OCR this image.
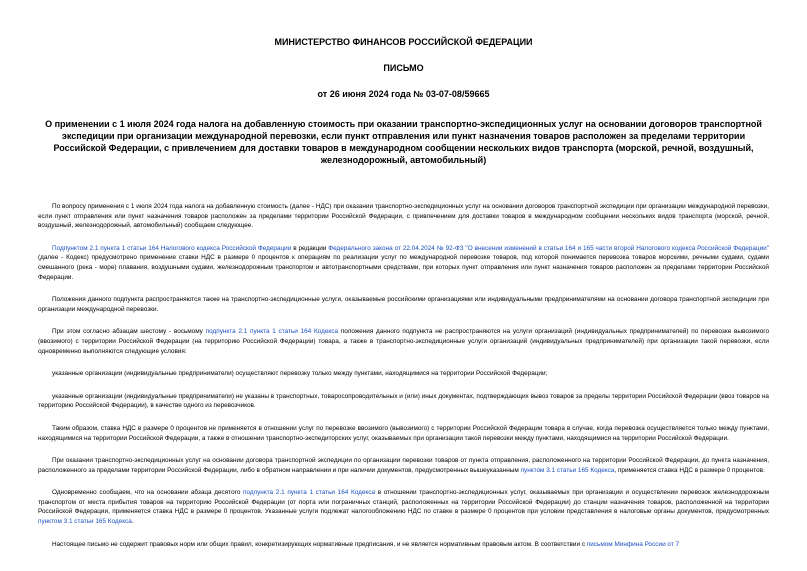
МИНИСТЕРСТВО ФИНАНСОВ РОССИЙСКОЙ ФЕДЕРАЦИИ
ПИСЬМО
от 26 июня 2024 года № 03-07-08/59665
О применении с 1 июля 2024 года налога на добавленную стоимость при оказании транспортно-экспедиционных услуг на основании договоров транспортной экспедиции при организации международной перевозки, если пункт отправления или пункт назначения товаров расположен за пределами территории Российской Федерации, с привлечением для доставки товаров в международном сообщении нескольких видов транспорта (морской, речной, воздушный, железнодорожный, автомобильный)

По вопросу применения с 1 июля 2024 года налога на добавленную стоимость (далее - НДС) при оказании транспортно-экспедиционных услуг на основании договоров транспортной экспедиции при организации международной перевозки, если пункт отправления или пункт назначения товаров расположен за пределами территории Российской Федерации, с привлечением для доставки товаров в международном сообщении нескольких видов транспорта (морской, речной, воздушный, железнодорожный, автомобильный) сообщаем следующее.

Подпунктом 2.1 пункта 1 статьи 164 Налогового кодекса Российской Федерации в редакции Федерального закона от 22.04.2024 № 92-ФЗ "О внесении изменений в статьи 164 и 165 части второй Налогового кодекса Российской Федерации" (далее - Кодекс) предусмотрено применение ставки НДС в размере 0 процентов к операциям по реализации услуг по международной перевозке товаров, под которой понимается перевозка товаров морскими, речными судами, судами смешанного (река - море) плавания, воздушными судами, железнодорожным транспортом и автотранспортными средствами, при которых пункт отправления или пункт назначения товаров расположен за пределами территории Российской Федерации.

Положения данного подпункта распространяются также на транспортно-экспедиционные услуги, оказываемые российскими организациями или индивидуальными предпринимателями на основании договора транспортной экспедиции при организации международной перевозки.

При этом согласно абзацам шестому - восьмому подпункта 2.1 пункта 1 статьи 164 Кодекса положения данного подпункта не распространяются на услуги организаций (индивидуальных предпринимателей) по перевозке вывозимого (ввозимого) с территории Российской Федерации (на территорию Российской Федерации) товара, а также в транспортно-экспедиционные услуги организаций (индивидуальных предпринимателей) при организации такой перевозки, если одновременно выполняются следующие условия:

указанные организации (индивидуальные предприниматели) осуществляют перевозку только между пунктами, находящимися на территории Российской Федерации;

указанные организации (индивидуальные предприниматели) не указаны в транспортных, товаросопроводительных и (или) иных документах, подтверждающих вывоз товаров за пределы территории Российской Федерации (ввоз товаров на территорию Российской Федерации), в качестве одного из перевозчиков.

Таким образом, ставка НДС в размере 0 процентов не применяется в отношении услуг по перевозке ввозимого (вывозимого) с территории Российской Федерации товара в случае, когда перевозка осуществляется только между пунктами, находящимися на территории Российской Федерации, а также в отношении транспортно-экспедиторских услуг, оказываемых при организации такой перевозки между пунктами, находящимися на территории Российской Федерации.

При оказании транспортно-экспедиционных услуг на основании договора транспортной экспедиции по организации перевозки товаров от пункта отправления, расположенного на территории Российской Федерации, до пункта назначения, расположенного за пределами территории Российской Федерации, либо в обратном направлении и при наличии документов, предусмотренных вышеуказанным пунктом 3.1 статьи 165 Кодекса, применяется ставка НДС в размере 0 процентов.

Одновременно сообщаем, что на основании абзаца десятого подпункта 2.1 пункта 1 статьи 164 Кодекса в отношении транспортно-экспедиционных услуг, оказываемых при организации и осуществлении перевозок железнодорожным транспортом от места прибытия товаров на территорию Российской Федерации (от порта или пограничных станций, расположенных на территории Российской Федерации) до станции назначения товаров, расположенной на территории Российской Федерации, применяется ставка НДС в размере 0 процентов. Указанные услуги подлежат налогообложению НДС по ставке в размере 0 процентов при условии представления в налоговые органы документов, предусмотренных пунктом 3.1 статьи 165 Кодекса.

Настоящее письмо не содержит правовых норм или общих правил, конкретизирующих нормативные предписания, и не является нормативным правовым актом. В соответствии с письмом Минфина России от 7
